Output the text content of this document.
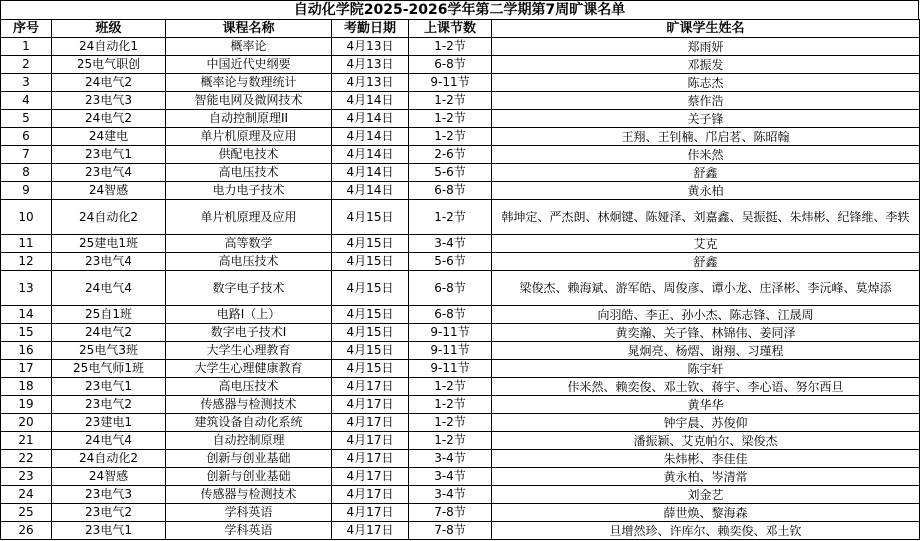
自动化学院2025-2026学年第二学期第7周旷课名单
序号	班级	课程名称	考勤日期	上课节数	旷课学生姓名
1	24自动化1	概率论	4月13日	1-2节	郑雨妍
2	25电气职创	中国近代史纲要	4月13日	6-8节	邓振发
3	24电气2	概率论与数理统计	4月13日	9-11节	陈志杰
4	23电气3	智能电网及微网技术	4月14日	1-2节	蔡作浩
5	24电气2	自动控制原理II	4月14日	1-2节	关子锋
6	24建电	单片机原理及应用	4月14日	1-2节	王翔、王钊楠、邝启茗、陈昭翰
7	23电气1	供配电技术	4月14日	2-6节	佧米然
8	23电气4	高电压技术	4月14日	5-6节	舒鑫
9	24智感	电力电子技术	4月14日	6-8节	黄永柏
10	24自动化2	单片机原理及应用	4月15日	1-2节	韩坤定、严杰朗、林炯键、陈娅泽、刘嘉鑫、吴振挺、朱炜彬、纪锋维、李轶
11	25建电1班	高等数学	4月15日	3-4节	艾克
12	23电气4	高电压技术	4月15日	5-6节	舒鑫
13	24电气4	数字电子技术	4月15日	6-8节	梁俊杰、赖海斌、游军皓、周俊彦、谭小龙、庄泽彬、李沅峰、莫焯添
14	25自1班	电路I（上）	4月15日	6-8节	向羽皓、李正、孙小杰、陈志锋、江晟周
15	24电气2	数字电子技术I	4月15日	9-11节	黄奕瀚、关子锋、林锦伟、姜同泽
16	25电气3班	大学生心理教育	4月15日	9-11节	晁炯亮、杨熠、谢翔、习瑾程
17	25电气师1班	大学生心理健康教育	4月15日	9-11节	陈宇轩
18	23电气1	高电压技术	4月17日	1-2节	佧米然、赖奕俊、邓土钦、蒋宇、李心语、努尔西旦
19	23电气2	传感器与检测技术	4月17日	1-2节	黄华华
20	23建电1	建筑设备自动化系统	4月17日	1-2节	钟宇晨、苏俊仰
21	24电气4	自动控制原理	4月17日	1-2节	潘振颖、艾克帕尔、梁俊杰
22	24自动化2	创新与创业基础	4月17日	3-4节	朱炜彬、李佳佳
23	24智感	创新与创业基础	4月17日	3-4节	黄永柏、岑清常
24	23电气3	传感器与检测技术	4月17日	3-4节	刘金艺
25	23电气2	学科英语	4月17日	7-8节	薛世焕、黎海森
26	23电气1	学科英语	4月17日	7-8节	旦增然珍、许库尔、赖奕俊、邓土钦
